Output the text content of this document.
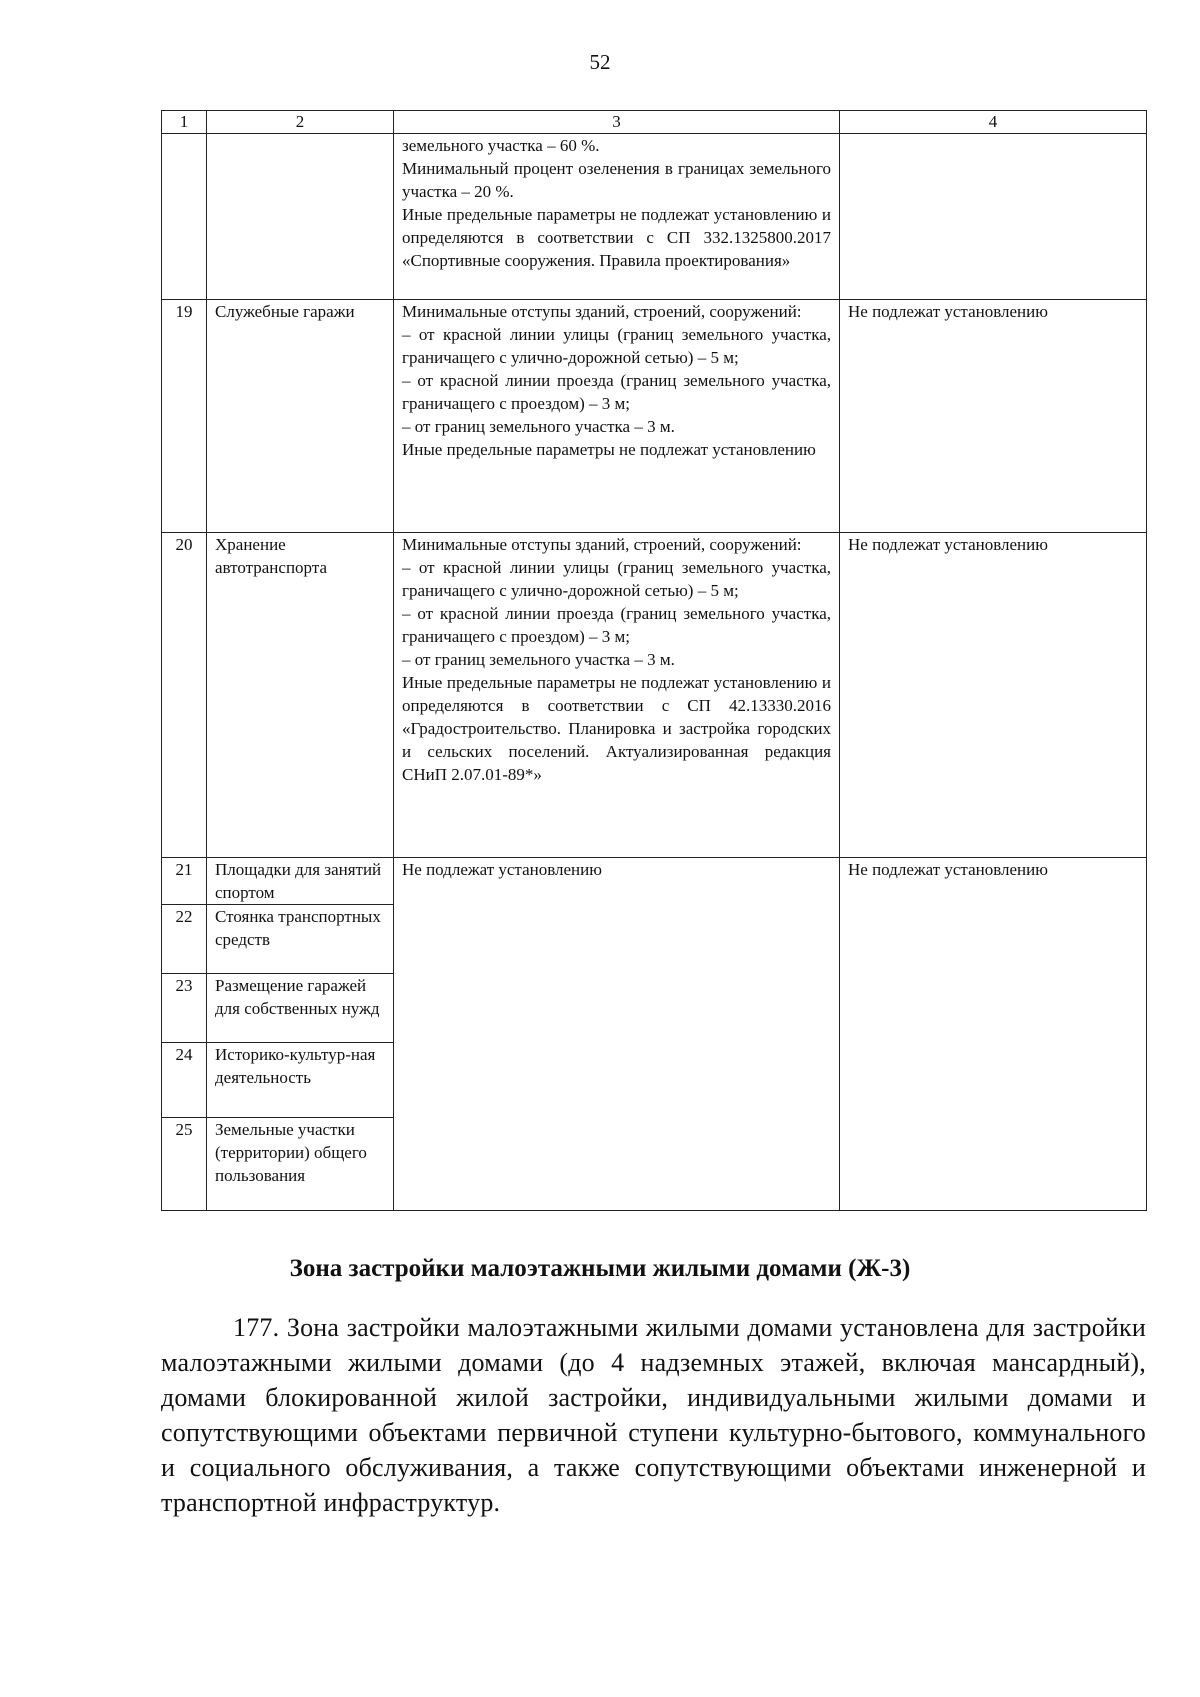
52
1	2	3	4

		земельного участка – 60 %.
Минимальный процент озеленения в границах земельного участка – 20 %.
Иные предельные параметры не подлежат установлению и определяются в соответствии с СП 332.1325800.2017 «Спортивные сооружения. Правила проектирования»	

19	Служебные гаражи	Минимальные отступы зданий, строений, сооружений:
– от красной линии улицы (границ земельного участка, граничащего с улично-дорожной сетью) – 5 м;
– от красной линии проезда (границ земельного участка, граничащего с проездом) – 3 м;
– от границ земельного участка – 3 м.
Иные предельные параметры не подлежат установлению	Не подлежат установлению
20	Хранение автотранспорта	Минимальные отступы зданий, строений, сооружений:
– от красной линии улицы (границ земельного участка, граничащего с улично-дорожной сетью) – 5 м;
– от красной линии проезда (границ земельного участка, граничащего с проездом) – 3 м;
– от границ земельного участка – 3 м.
Иные предельные параметры не подлежат установлению и определяются в соответствии с СП 42.13330.2016 «Градостроительство. Планировка и застройка городских и сельских поселений. Актуализированная редакция СНиП 2.07.01-89*»	Не подлежат установлению
21	Площадки для занятий спортом	Не подлежат установлению	Не подлежат установлению
22	Стоянка транспортных средств		
23	Размещение гаражей для собственных нужд		
24	Историко-культур-ная деятельность		
25	Земельные участки (территории) общего пользования		
Зона застройки малоэтажными жилыми домами (Ж-3)
177. Зона застройки малоэтажными жилыми домами установлена для застройки малоэтажными жилыми домами (до 4 надземных этажей, включая мансардный), домами блокированной жилой застройки, индивидуальными жилыми домами и сопутствующими объектами первичной ступени культурно-бытового, коммунального и социального обслуживания, а также сопутствующими объектами инженерной и транспортной инфраструктур.
